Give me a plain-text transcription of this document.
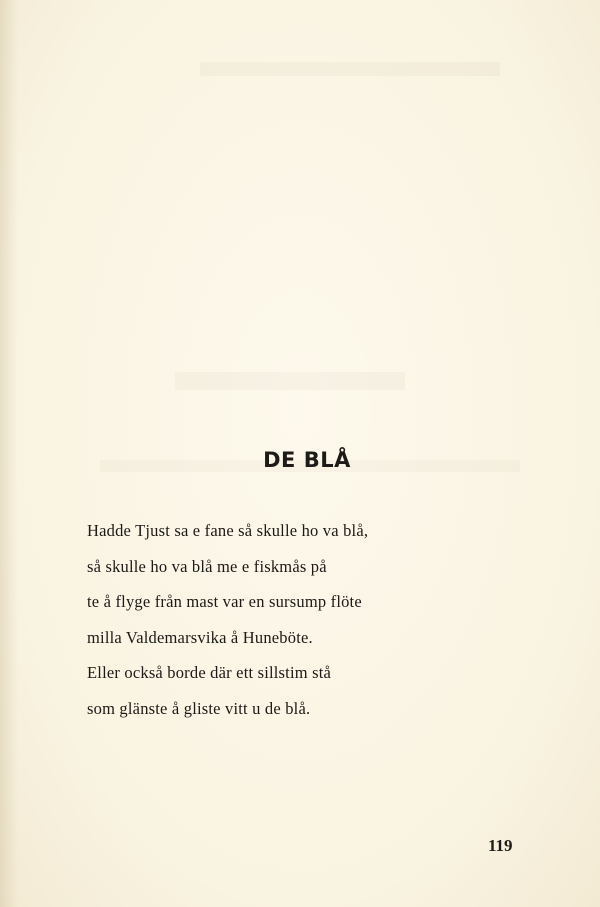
DE BLÅ
Hadde Tjust sa e fane så skulle ho va blå,
så skulle ho va blå me e fiskmås på
te å flyge från mast var en sursump flöte
milla Valdemarsvika å Huneböte.
Eller också borde där ett sillstim stå
som glänste å gliste vitt u de blå.
119
